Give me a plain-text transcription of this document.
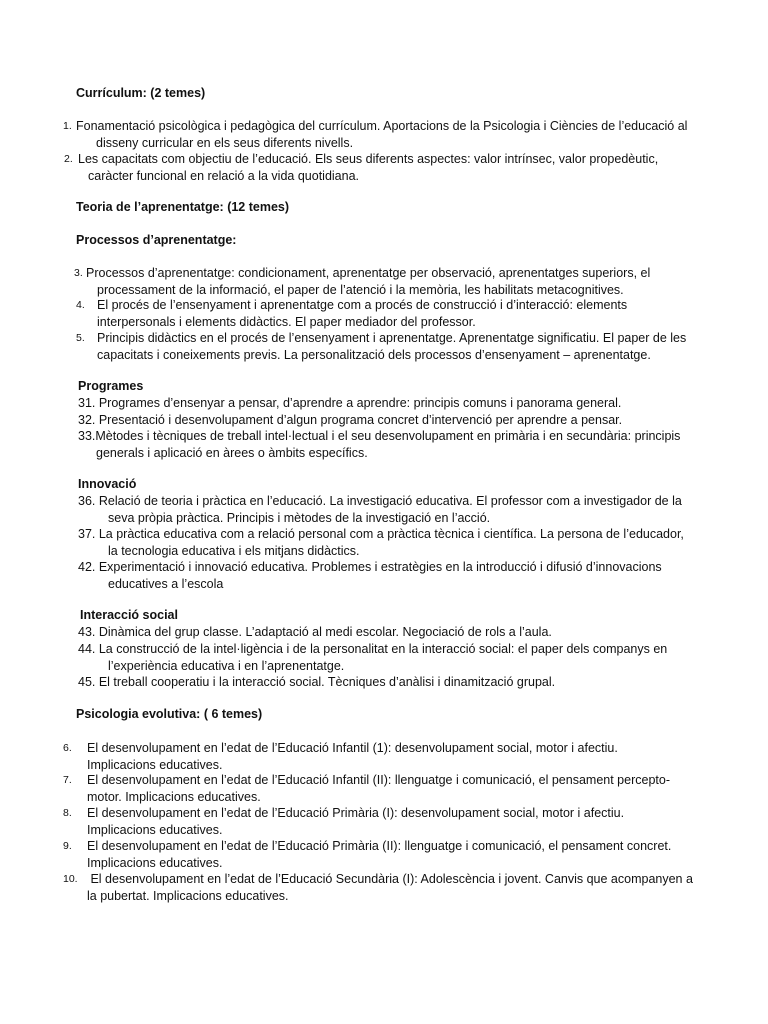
Currículum: (2 temes)
1. Fonamentació psicològica i pedagògica del currículum. Aportacions de la Psicologia i Ciències de l’educació al
disseny curricular en els seus diferents nivells.
2. Les capacitats com objectiu de l’educació. Els seus diferents aspectes: valor intrínsec, valor propedèutic,
caràcter funcional en relació a la vida quotidiana.
Teoria de l’aprenentatge: (12 temes)
Processos d’aprenentatge:
3. Processos d’aprenentatge: condicionament, aprenentatge per observació, aprenentatges superiors, el
processament de la informació, el paper de l’atenció i la memòria, les habilitats metacognitives.
4. El procés de l’ensenyament i aprenentatge com a procés de construcció i d’interacció: elements
interpersonals i elements didàctics. El paper mediador del professor.
5. Principis didàctics en el procés de l’ensenyament i aprenentatge. Aprenentatge significatiu. El paper de les
capacitats i coneixements previs. La personalització dels processos d’ensenyament – aprenentatge.
Programes
31. Programes d’ensenyar a pensar, d’aprendre a aprendre: principis comuns i panorama general.
32. Presentació i desenvolupament d’algun programa concret d’intervenció per aprendre a pensar.
33.Mètodes i tècniques de treball intel·lectual i el seu desenvolupament en primària i en secundària: principis
generals i aplicació en àrees o àmbits específics.
Innovació
36. Relació de teoria i pràctica en l’educació. La investigació educativa. El professor com a investigador de la
seva pròpia pràctica. Principis i mètodes de la investigació en l’acció.
37. La pràctica educativa com a relació personal com a pràctica tècnica i científica. La persona de l’educador,
la tecnologia educativa i els mitjans didàctics.
42. Experimentació i innovació educativa. Problemes i estratègies en la introducció i difusió d’innovacions
educatives a l’escola
Interacció social
43. Dinàmica del grup classe. L’adaptació al medi escolar. Negociació de rols a l’aula.
44. La construcció de la intel·ligència i de la personalitat en la interacció social: el paper dels companys en
l’experiència educativa i en l’aprenentatge.
45. El treball cooperatiu i la interacció social. Tècniques d’anàlisi i dinamització grupal.
Psicologia evolutiva: ( 6 temes)
6. El desenvolupament en l’edat de l’Educació Infantil (1): desenvolupament social, motor i afectiu.
Implicacions educatives.
7. El desenvolupament en l’edat de l’Educació Infantil (II): llenguatge i comunicació, el pensament percepto-
motor. Implicacions educatives.
8. El desenvolupament en l’edat de l’Educació Primària (I): desenvolupament social, motor i afectiu.
Implicacions educatives.
9. El desenvolupament en l’edat de l’Educació Primària (II): llenguatge i comunicació, el pensament concret.
Implicacions educatives.
10. El desenvolupament en l’edat de l’Educació Secundària (I): Adolescència i jovent. Canvis que acompanyen a
la pubertat. Implicacions educatives.
